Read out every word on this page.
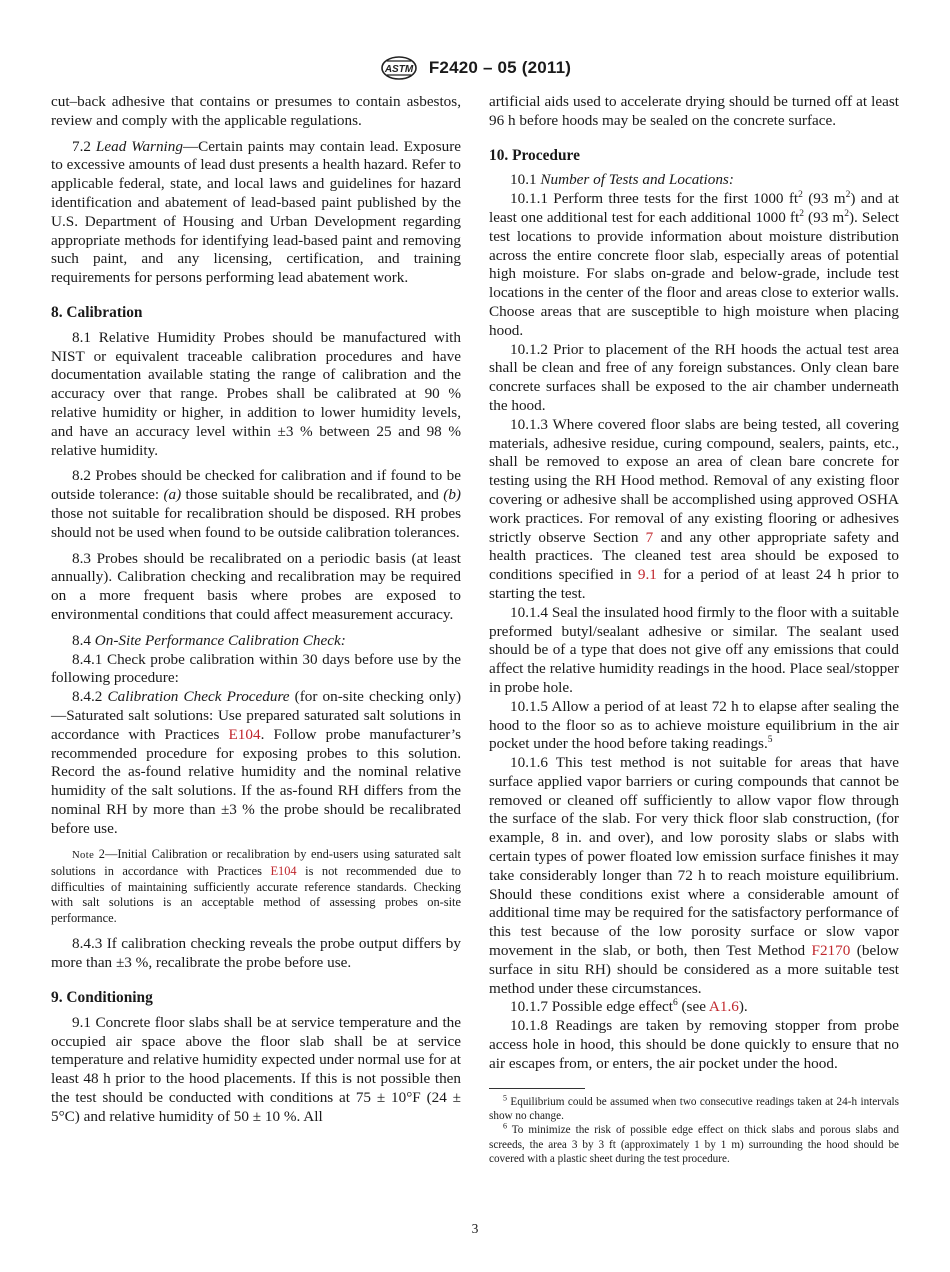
ASTM F2420 – 05 (2011)

cut–back adhesive that contains or presumes to contain asbestos, review and comply with the applicable regulations.

7.2 Lead Warning—Certain paints may contain lead. Exposure to excessive amounts of lead dust presents a health hazard. Refer to applicable federal, state, and local laws and guidelines for hazard identification and abatement of lead-based paint published by the U.S. Department of Housing and Urban Development regarding appropriate methods for identifying lead-based paint and removing such paint, and any licensing, certification, and training requirements for persons performing lead abatement work.

8. Calibration

8.1 Relative Humidity Probes should be manufactured with NIST or equivalent traceable calibration procedures and have documentation available stating the range of calibration and the accuracy over that range. Probes shall be calibrated at 90 % relative humidity or higher, in addition to lower humidity levels, and have an accuracy level within ±3 % between 25 and 98 % relative humidity.

8.2 Probes should be checked for calibration and if found to be outside tolerance: (a) those suitable should be recalibrated, and (b) those not suitable for recalibration should be disposed. RH probes should not be used when found to be outside calibration tolerances.

8.3 Probes should be recalibrated on a periodic basis (at least annually). Calibration checking and recalibration may be required on a more frequent basis where probes are exposed to environmental conditions that could affect measurement accuracy.

8.4 On-Site Performance Calibration Check:

8.4.1 Check probe calibration within 30 days before use by the following procedure:

8.4.2 Calibration Check Procedure (for on-site checking only)—Saturated salt solutions: Use prepared saturated salt solutions in accordance with Practices E104. Follow probe manufacturer’s recommended procedure for exposing probes to this solution. Record the as-found relative humidity and the nominal relative humidity of the salt solutions. If the as-found RH differs from the nominal RH by more than ±3 % the probe should be recalibrated before use.

Note 2—Initial Calibration or recalibration by end-users using saturated salt solutions in accordance with Practices E104 is not recommended due to difficulties of maintaining sufficiently accurate reference standards. Checking with salt solutions is an acceptable method of assessing probes on-site performance.

8.4.3 If calibration checking reveals the probe output differs by more than ±3 %, recalibrate the probe before use.

9. Conditioning

9.1 Concrete floor slabs shall be at service temperature and the occupied air space above the floor slab shall be at service temperature and relative humidity expected under normal use for at least 48 h prior to the hood placements. If this is not possible then the test should be conducted with conditions at 75 ± 10°F (24 ± 5°C) and relative humidity of 50 ± 10 %. All

artificial aids used to accelerate drying should be turned off at least 96 h before hoods may be sealed on the concrete surface.

10. Procedure

10.1 Number of Tests and Locations:

10.1.1 Perform three tests for the first 1000 $ft^2$ (93 $m^2$) and at least one additional test for each additional 1000 $ft^2$ (93 $m^2$). Select test locations to provide information about moisture distribution across the entire concrete floor slab, especially areas of potential high moisture. For slabs on-grade and below-grade, include test locations in the center of the floor and areas close to exterior walls. Choose areas that are susceptible to high moisture when placing hood.

10.1.2 Prior to placement of the RH hoods the actual test area shall be clean and free of any foreign substances. Only clean bare concrete surfaces shall be exposed to the air chamber underneath the hood.

10.1.3 Where covered floor slabs are being tested, all covering materials, adhesive residue, curing compound, sealers, paints, etc., shall be removed to expose an area of clean bare concrete for testing using the RH Hood method. Removal of any existing floor covering or adhesive shall be accomplished using approved OSHA work practices. For removal of any existing flooring or adhesives strictly observe Section 7 and any other appropriate safety and health practices. The cleaned test area should be exposed to conditions specified in 9.1 for a period of at least 24 h prior to starting the test.

10.1.4 Seal the insulated hood firmly to the floor with a suitable preformed butyl/sealant adhesive or similar. The sealant used should be of a type that does not give off any emissions that could affect the relative humidity readings in the hood. Place seal/stopper in probe hole.

10.1.5 Allow a period of at least 72 h to elapse after sealing the hood to the floor so as to achieve moisture equilibrium in the air pocket under the hood before taking readings.$^5$

10.1.6 This test method is not suitable for areas that have surface applied vapor barriers or curing compounds that cannot be removed or cleaned off sufficiently to allow vapor flow through the surface of the slab. For very thick floor slab construction, (for example, 8 in. and over), and low porosity slabs or slabs with certain types of power floated low emission surface finishes it may take considerably longer than 72 h to reach moisture equilibrium. Should these conditions exist where a considerable amount of additional time may be required for the satisfactory performance of this test because of the low porosity surface or slow vapor movement in the slab, or both, then Test Method F2170 (below surface in situ RH) should be considered as a more suitable test method under these circumstances.

10.1.7 Possible edge effect$^6$ (see A1.6).

10.1.8 Readings are taken by removing stopper from probe access hole in hood, this should be done quickly to ensure that no air escapes from, or enters, the air pocket under the hood.

$^5$ Equilibrium could be assumed when two consecutive readings taken at 24-h intervals show no change.

$^6$ To minimize the risk of possible edge effect on thick slabs and porous slabs and screeds, the area 3 by 3 ft (approximately 1 by 1 m) surrounding the hood should be covered with a plastic sheet during the test procedure.

3
